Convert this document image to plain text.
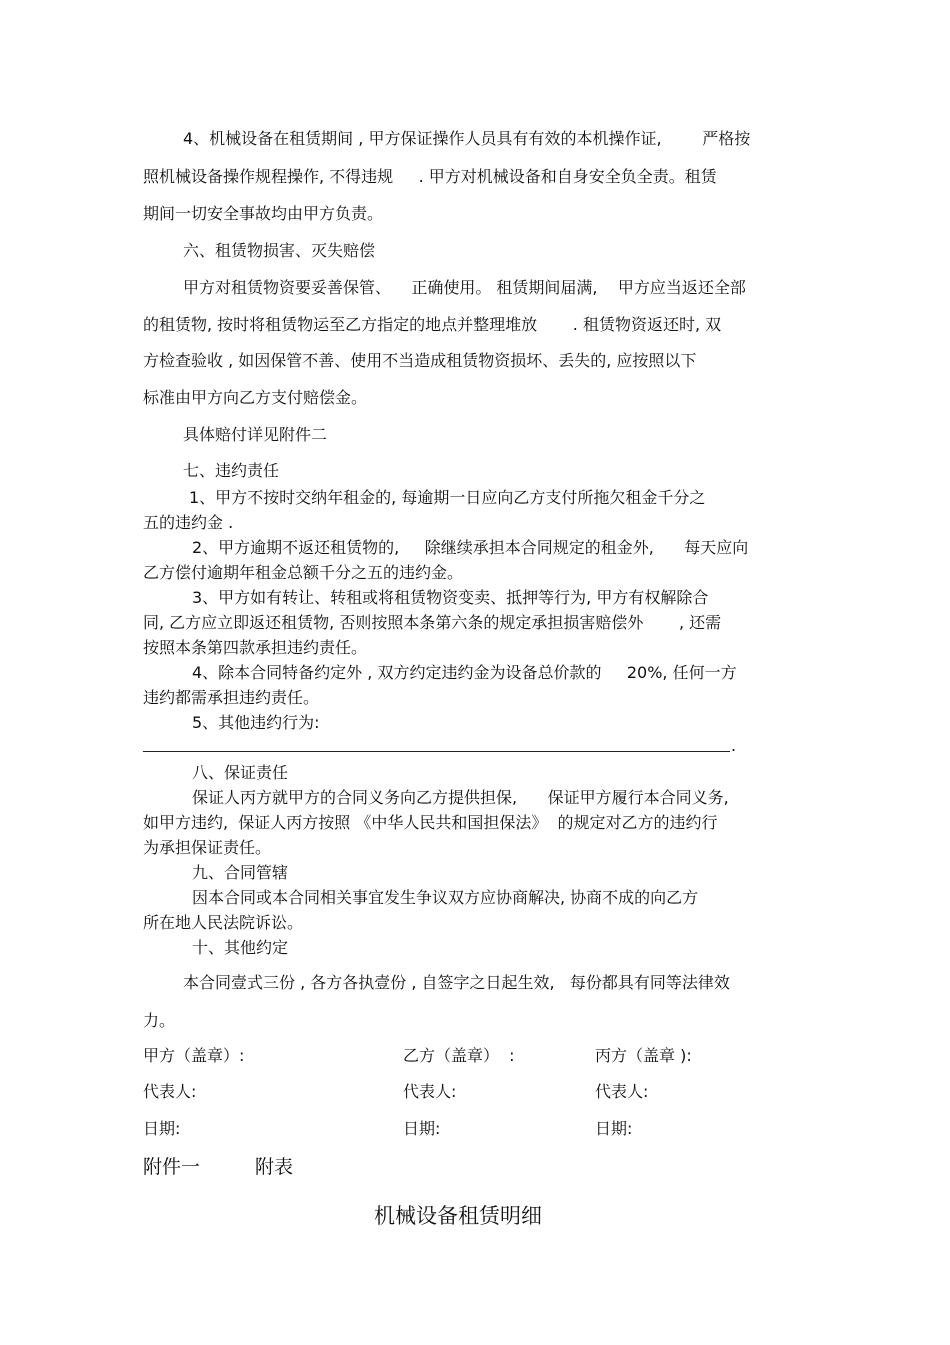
4、机械设备在租赁期间 , 甲方保证操作人员具有有效的本机操作证,        严格按
照机械设备操作规程操作, 不得违规     . 甲方对机械设备和自身安全负全责。租赁
期间一切安全事故均由甲方负责。
六、租赁物损害、灭失赔偿
甲方对租赁物资要妥善保管、    正确使用。 租赁期间届满,    甲方应当返还全部
的租赁物, 按时将租赁物运至乙方指定的地点并整理堆放       . 租赁物资返还时, 双
方检查验收 , 如因保管不善、使用不当造成租赁物资损坏、丢失的, 应按照以下
标准由甲方向乙方支付赔偿金。
具体赔付详见附件二
七、违约责任
1、甲方不按时交纳年租金的, 每逾期一日应向乙方支付所拖欠租金千分之
五的违约金 .
2、甲方逾期不返还租赁物的,     除继续承担本合同规定的租金外,      每天应向
乙方偿付逾期年租金总额千分之五的违约金。
3、甲方如有转让、转租或将租赁物资变卖、抵押等行为, 甲方有权解除合
同, 乙方应立即返还租赁物, 否则按照本条第六条的规定承担损害赔偿外       , 还需
按照本条第四款承担违约责任。
4、除本合同特备约定外 , 双方约定违约金为设备总价款的     20%, 任何一方
违约都需承担违约责任。
5、其他违约行为:
.
八、保证责任
保证人丙方就甲方的合同义务向乙方提供担保,      保证甲方履行本合同义务,
如甲方违约,  保证人丙方按照 《中华人民共和国担保法》  的规定对乙方的违约行
为承担保证责任。
九、合同管辖
因本合同或本合同相关事宜发生争议双方应协商解决, 协商不成的向乙方
所在地人民法院诉讼。
十、其他约定
本合同壹式三份 , 各方各执壹份 , 自签字之日起生效,   每份都具有同等法律效
力。
甲方（盖章）:	乙方（盖章）  :	丙方（盖章 ):
代表人:	代表人:	代表人:
日期:	日期:	日期:
附件一	附表
机械设备租赁明细
